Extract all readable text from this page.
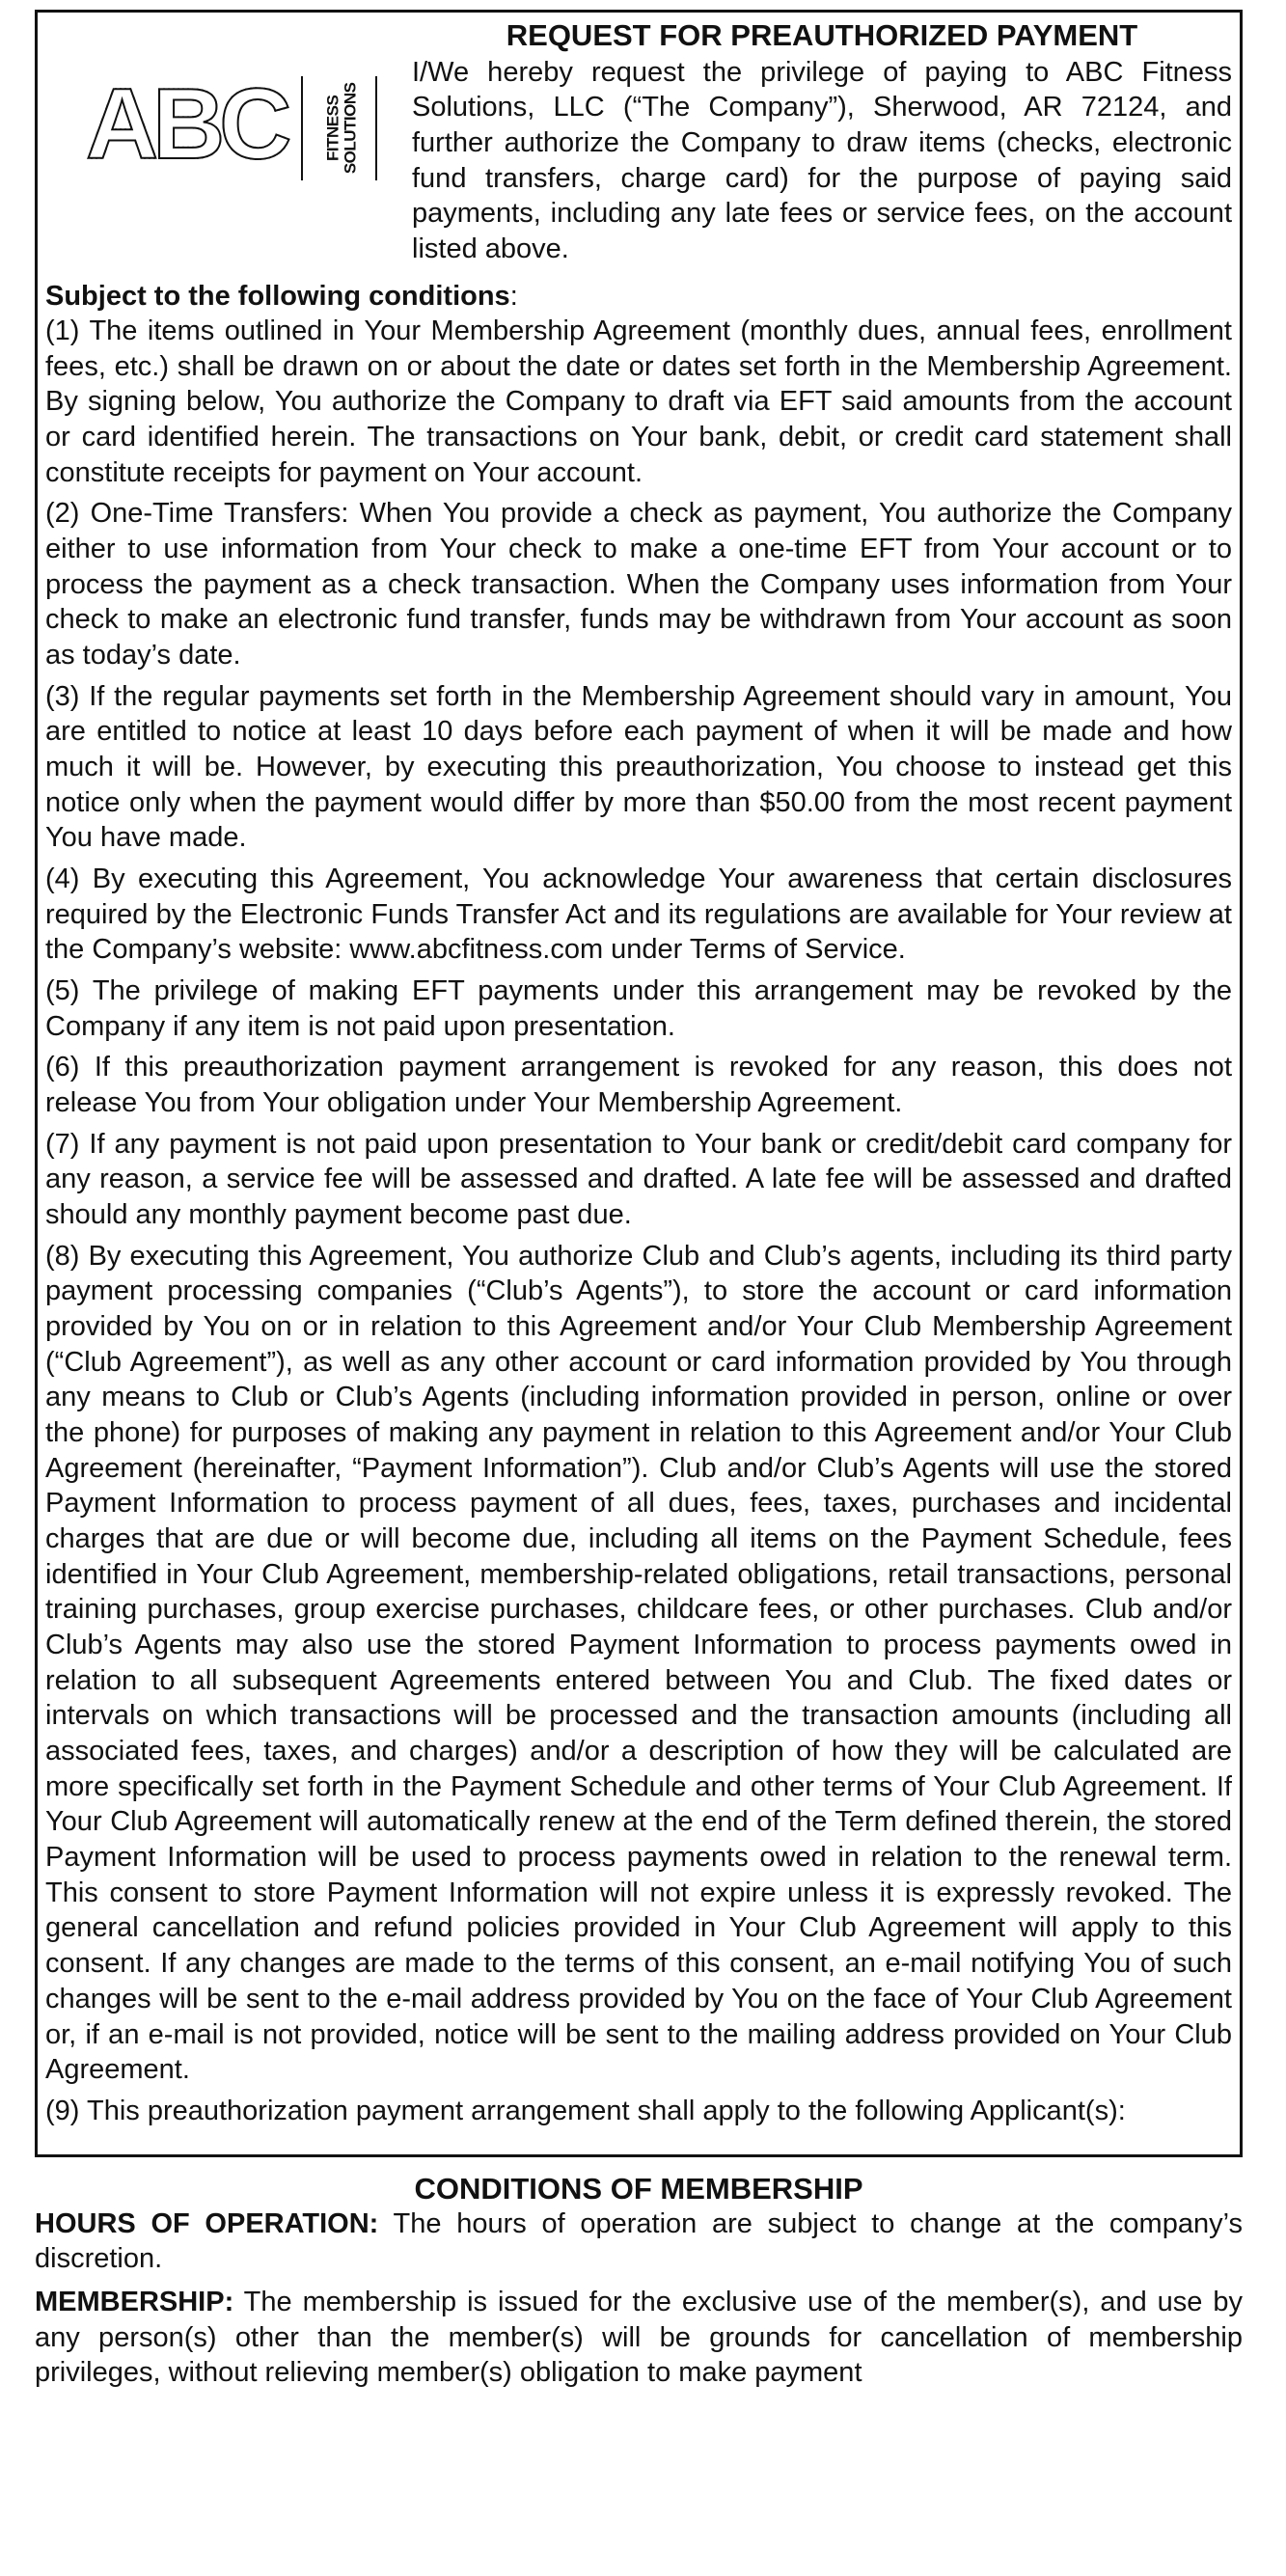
ABC FITNESS
SOLUTIONS
REQUEST FOR PREAUTHORIZED PAYMENT

I/We hereby request the privilege of paying to ABC Fitness Solutions, LLC (“The Company”), Sherwood, AR 72124, and further authorize the Company to draw items (checks, electronic fund transfers, charge card) for the purpose of paying said payments, including any late fees or service fees, on the account listed above.

Subject to the following conditions:

(1) The items outlined in Your Membership Agreement (monthly dues, annual fees, enrollment fees, etc.) shall be drawn on or about the date or dates set forth in the Membership Agreement. By signing below, You authorize the Company to draft via EFT said amounts from the account or card identified herein. The transactions on Your bank, debit, or credit card statement shall constitute receipts for payment on Your account.

(2) One-Time Transfers: When You provide a check as payment, You authorize the Company either to use information from Your check to make a one-time EFT from Your account or to process the payment as a check transaction. When the Company uses information from Your check to make an electronic fund transfer, funds may be withdrawn from Your account as soon as today’s date.

(3) If the regular payments set forth in the Membership Agreement should vary in amount, You are entitled to notice at least 10 days before each payment of when it will be made and how much it will be. However, by executing this preauthorization, You choose to instead get this notice only when the payment would differ by more than $50.00 from the most recent payment You have made.

(4) By executing this Agreement, You acknowledge Your awareness that certain disclosures required by the Electronic Funds Transfer Act and its regulations are available for Your review at the Company’s website: www.abcfitness.com under Terms of Service.

(5) The privilege of making EFT payments under this arrangement may be revoked by the Company if any item is not paid upon presentation.

(6) If this preauthorization payment arrangement is revoked for any reason, this does not release You from Your obligation under Your Membership Agreement.

(7) If any payment is not paid upon presentation to Your bank or credit/debit card company for any reason, a service fee will be assessed and drafted. A late fee will be assessed and drafted should any monthly payment become past due.

(8) By executing this Agreement, You authorize Club and Club’s agents, including its third party payment processing companies (“Club’s Agents”), to store the account or card information provided by You on or in relation to this Agreement and/or Your Club Membership Agreement (“Club Agreement”), as well as any other account or card information provided by You through any means to Club or Club’s Agents (including information provided in person, online or over the phone) for purposes of making any payment in relation to this Agreement and/or Your Club Agreement (hereinafter, “Payment Information”). Club and/or Club’s Agents will use the stored Payment Information to process payment of all dues, fees, taxes, purchases and incidental charges that are due or will become due, including all items on the Payment Schedule, fees identified in Your Club Agreement, membership-related obligations, retail transactions, personal training purchases, group exercise purchases, childcare fees, or other purchases. Club and/or Club’s Agents may also use the stored Payment Information to process payments owed in relation to all subsequent Agreements entered between You and Club. The fixed dates or intervals on which transactions will be processed and the transaction amounts (including all associated fees, taxes, and charges) and/or a description of how they will be calculated are more specifically set forth in the Payment Schedule and other terms of Your Club Agreement. If Your Club Agreement will automatically renew at the end of the Term defined therein, the stored Payment Information will be used to process payments owed in relation to the renewal term. This consent to store Payment Information will not expire unless it is expressly revoked. The general cancellation and refund policies provided in Your Club Agreement will apply to this consent. If any changes are made to the terms of this consent, an e-mail notifying You of such changes will be sent to the e-mail address provided by You on the face of Your Club Agreement or, if an e-mail is not provided, notice will be sent to the mailing address provided on Your Club Agreement.

(9) This preauthorization payment arrangement shall apply to the following Applicant(s):

CONDITIONS OF MEMBERSHIP

HOURS OF OPERATION: The hours of operation are subject to change at the company’s discretion.

MEMBERSHIP: The membership is issued for the exclusive use of the member(s), and use by any person(s) other than the member(s) will be grounds for cancellation of membership privileges, without relieving member(s) obligation to make payment
